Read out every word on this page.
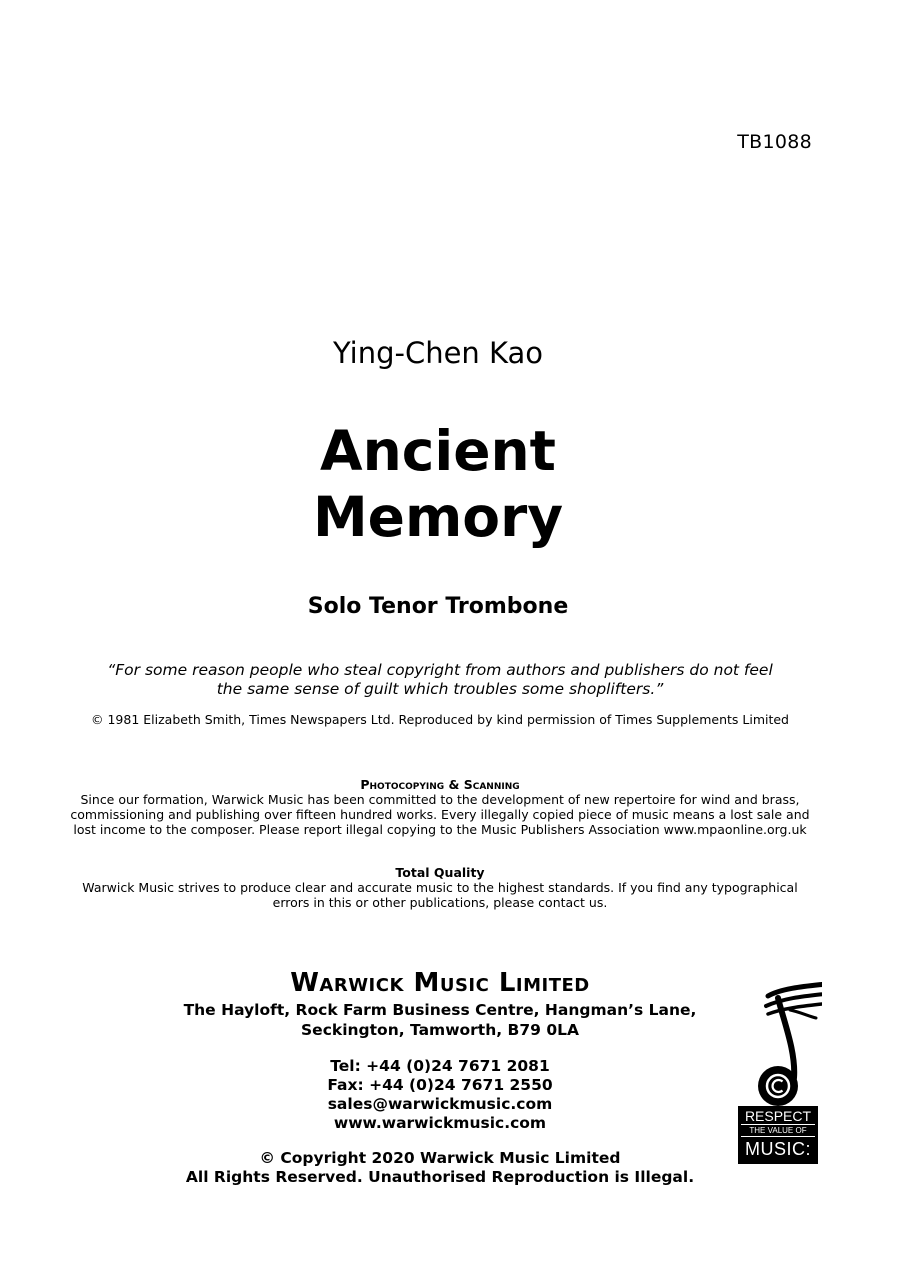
TB1088
Ying-Chen Kao
Ancient
Memory
Solo Tenor Trombone
“For some reason people who steal copyright from authors and publishers do not feel
the same sense of guilt which troubles some shoplifters.”
© 1981 Elizabeth Smith, Times Newspapers Ltd. Reproduced by kind permission of Times Supplements Limited
Photocopying & Scanning
Since our formation, Warwick Music has been committed to the development of new repertoire for wind and brass,
commissioning and publishing over fifteen hundred works. Every illegally copied piece of music means a lost sale and
lost income to the composer. Please report illegal copying to the Music Publishers Association www.mpaonline.org.uk
Total Quality
Warwick Music strives to produce clear and accurate music to the highest standards. If you find any typographical
errors in this or other publications, please contact us.
Warwick Music Limited
The Hayloft, Rock Farm Business Centre, Hangman’s Lane,
Seckington, Tamworth, B79 0LA
Tel: +44 (0)24 7671 2081
Fax: +44 (0)24 7671 2550
sales@warwickmusic.com
www.warwickmusic.com
© Copyright 2020 Warwick Music Limited
All Rights Reserved. Unauthorised Reproduction is Illegal.
RESPECT
THE VALUE OF
MUSIC:
